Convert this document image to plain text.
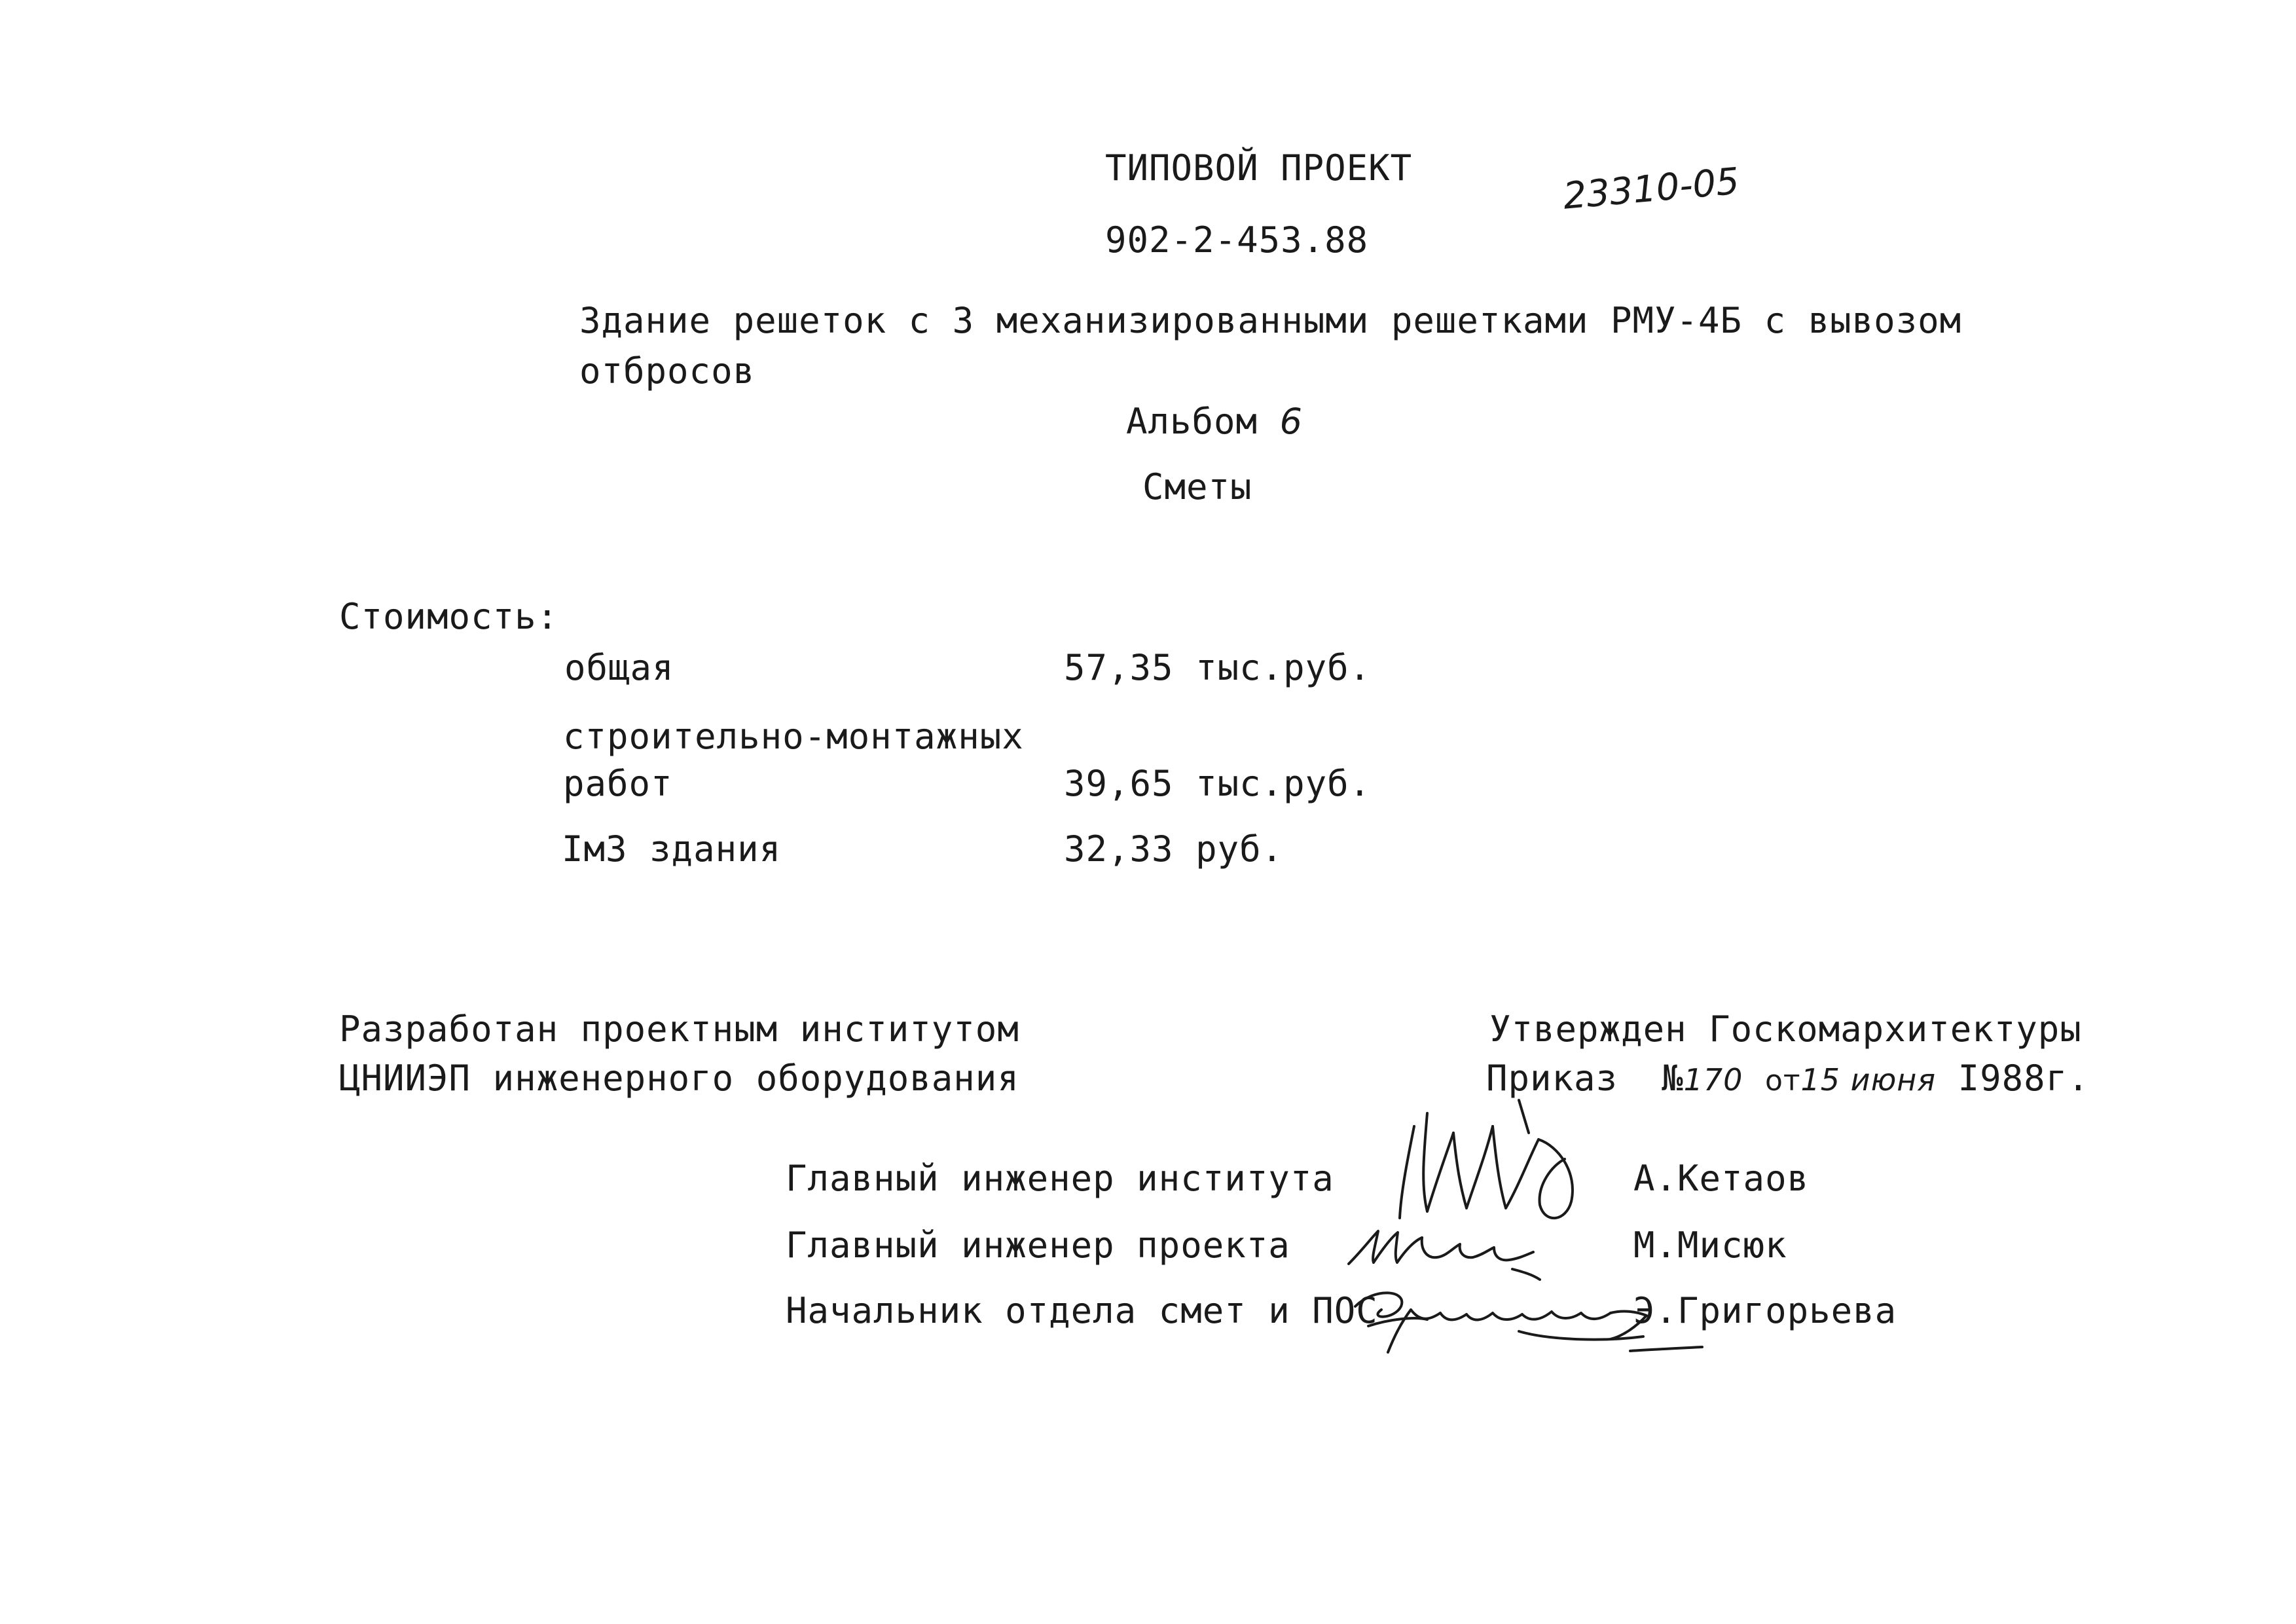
ТИПОВОЙ ПРОЕКТ
902-2-453.88
23310-05
Здание решеток с 3 механизированными решетками РМУ-4Б с вывозом
отбросов
Альбом 6
Сметы
Стоимость:
общая	57,35 тыс.руб.
строительно-монтажных
работ	39,65 тыс.руб.
Iм3 здания	32,33 руб.
Разработан проектным институтом
ЦНИИЭП инженерного оборудования
Утвержден Госкомархитектуры
Приказ №170 от15 июня I988г.
Главный инженер института	А.Кетаов
Главный инженер проекта	М.Мисюк
Начальник отдела смет и ПОС	Э.Григорьева
